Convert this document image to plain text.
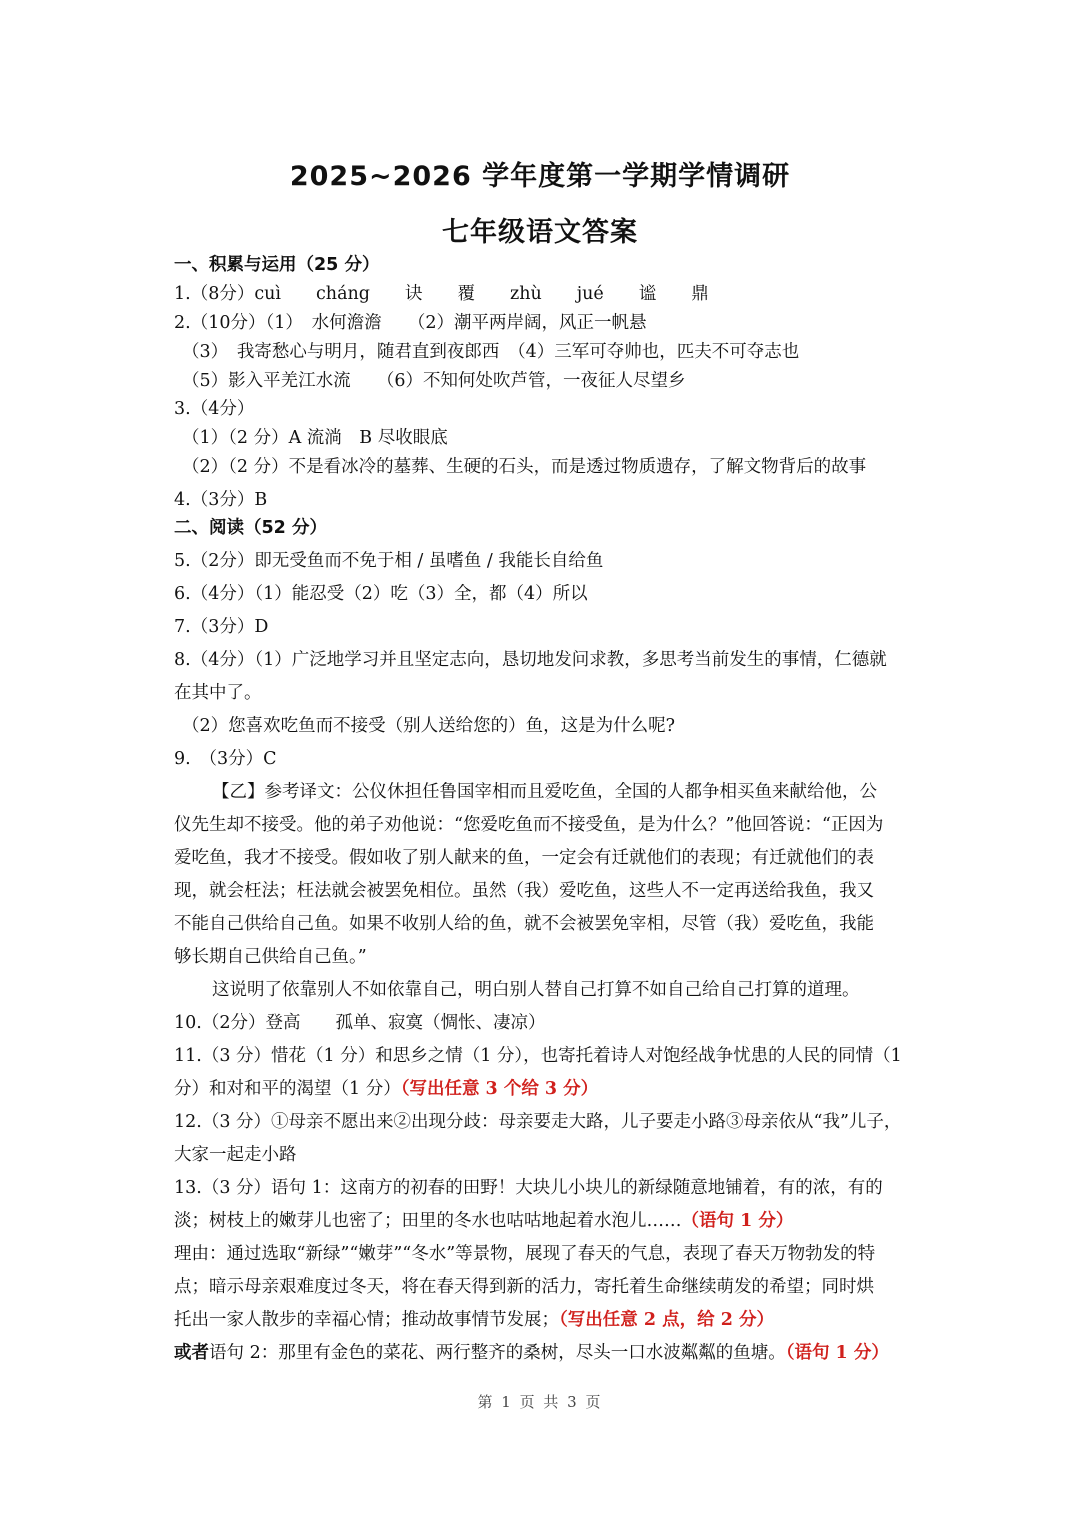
2025~2026 学年度第一学期学情调研
七年级语文答案
一、积累与运用（25 分）
1.（8分）cuì　　cháng　　诀　　覆　　zhù　　jué　　谧　　鼎
2.（10分）（1）　水何澹澹　　（2）潮平两岸阔，风正一帆悬
（3）　我寄愁心与明月，随君直到夜郎西　（4）三军可夺帅也，匹夫不可夺志也
（5）影入平羌江水流　　（6）不知何处吹芦管，一夜征人尽望乡
3.（4分）
（1）（2 分）A 流淌　B 尽收眼底
（2）（2 分）不是看冰冷的墓葬、生硬的石头，而是透过物质遗存，了解文物背后的故事
4.（3分）B
二、阅读（52 分）
5.（2分）即无受鱼而不免于相 / 虽嗜鱼 / 我能长自给鱼
6.（4分）（1）能忍受（2）吃（3）全，都（4）所以
7.（3分）D
8.（4分）（1）广泛地学习并且坚定志向，恳切地发问求教，多思考当前发生的事情，仁德就
在其中了。
（2）您喜欢吃鱼而不接受（别人送给您的）鱼，这是为什么呢?
9.　（3分）C
【乙】参考译文：公仪休担任鲁国宰相而且爱吃鱼，全国的人都争相买鱼来献给他，公
仪先生却不接受。他的弟子劝他说：“您爱吃鱼而不接受鱼，是为什么？”他回答说：“正因为
爱吃鱼，我才不接受。假如收了别人献来的鱼，一定会有迁就他们的表现；有迁就他们的表
现，就会枉法；枉法就会被罢免相位。虽然（我）爱吃鱼，这些人不一定再送给我鱼，我又
不能自己供给自己鱼。如果不收别人给的鱼，就不会被罢免宰相，尽管（我）爱吃鱼，我能
够长期自己供给自己鱼。”
这说明了依靠别人不如依靠自己，明白别人替自己打算不如自己给自己打算的道理。
10.（2分）登高　　孤单、寂寞（惆怅、凄凉）
11.（3 分）惜花（1 分）和思乡之情（1 分），也寄托着诗人对饱经战争忧患的人民的同情（1
分）和对和平的渴望（1 分）（写出任意 3 个给 3 分）
12.（3 分）①母亲不愿出来②出现分歧：母亲要走大路，儿子要走小路③母亲依从“我”儿子，
大家一起走小路
13.（3 分）语句 1：这南方的初春的田野！大块儿小块儿的新绿随意地铺着，有的浓，有的
淡；树枝上的嫩芽儿也密了；田里的冬水也咕咕地起着水泡儿……（语句 1 分）
理由：通过选取“新绿”“嫩芽”“冬水”等景物，展现了春天的气息，表现了春天万物勃发的特
点；暗示母亲艰难度过冬天，将在春天得到新的活力，寄托着生命继续萌发的希望；同时烘
托出一家人散步的幸福心情；推动故事情节发展；（写出任意 2 点，给 2 分）
或者语句 2：那里有金色的菜花、两行整齐的桑树，尽头一口水波粼粼的鱼塘。（语句 1 分）
第 1 页 共 3 页
